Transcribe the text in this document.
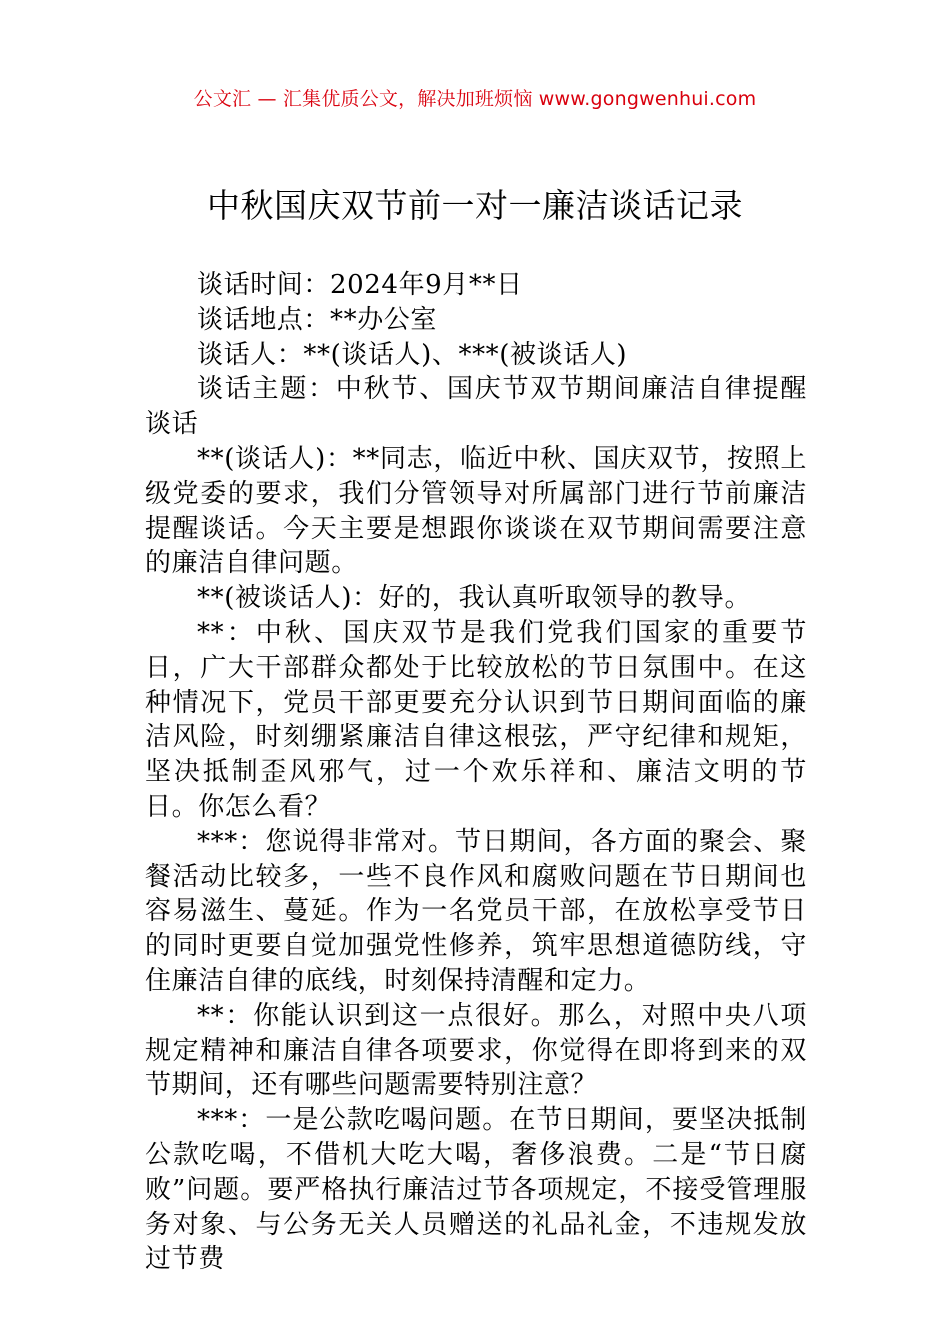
公文汇 — 汇集优质公文，解决加班烦恼 www.gongwenhui.com
中秋国庆双节前一对一廉洁谈话记录

谈话时间：2024年9月**日

谈话地点：**办公室

谈话人：**(谈话人)、***(被谈话人)

谈话主题：中秋节、国庆节双节期间廉洁自律提醒谈话

**(谈话人)：**同志，临近中秋、国庆双节，按照上级党委的要求，我们分管领导对所属部门进行节前廉洁提醒谈话。今天主要是想跟你谈谈在双节期间需要注意的廉洁自律问题。

**(被谈话人)：好的，我认真听取领导的教导。

**：中秋、国庆双节是我们党我们国家的重要节日，广大干部群众都处于比较放松的节日氛围中。在这种情况下，党员干部更要充分认识到节日期间面临的廉洁风险，时刻绷紧廉洁自律这根弦，严守纪律和规矩，坚决抵制歪风邪气，过一个欢乐祥和、廉洁文明的节日。你怎么看？

***：您说得非常对。节日期间，各方面的聚会、聚餐活动比较多，一些不良作风和腐败问题在节日期间也容易滋生、蔓延。作为一名党员干部，在放松享受节日的同时更要自觉加强党性修养，筑牢思想道德防线，守住廉洁自律的底线，时刻保持清醒和定力。

**：你能认识到这一点很好。那么，对照中央八项规定精神和廉洁自律各项要求，你觉得在即将到来的双节期间，还有哪些问题需要特别注意？

***：一是公款吃喝问题。在节日期间，要坚决抵制公款吃喝，不借机大吃大喝，奢侈浪费。二是“节日腐败”问题。要严格执行廉洁过节各项规定，不接受管理服务对象、与公务无关人员赠送的礼品礼金，不违规发放过节费
